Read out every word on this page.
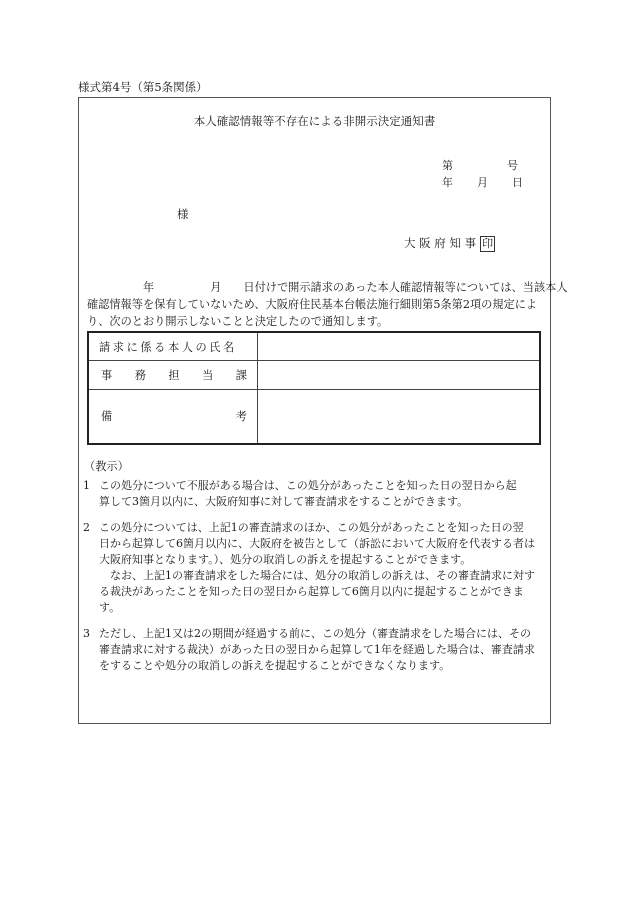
様式第4号（第5条関係）
本人確認情報等不存在による非開示決定通知書
第	号
年 月 日
様
大 阪 府 知 事 印
年	月 日付けで開示請求のあった本人確認情報等については、当該本人
確認情報等を保有していないため、大阪府住民基本台帳法施行細則第5条第2項の規定によ
り、次のとおり開示しないことと決定したので通知します。
請求に係る本人の氏名	

事 務 担 当 課	

備 考	

（教示）
1 この処分について不服がある場合は、この処分があったことを知った日の翌日から起
算して3箇月以内に、大阪府知事に対して審査請求をすることができます。
2 この処分については、上記1の審査請求のほか、この処分があったことを知った日の翌
日から起算して6箇月以内に、大阪府を被告として（訴訟において大阪府を代表する者は
大阪府知事となります。）、処分の取消しの訴えを提起することができます。
　なお、上記1の審査請求をした場合には、処分の取消しの訴えは、その審査請求に対す
る裁決があったことを知った日の翌日から起算して6箇月以内に提起することができま
す。
3 ただし、上記1又は2の期間が経過する前に、この処分（審査請求をした場合には、その
審査請求に対する裁決）があった日の翌日から起算して1年を経過した場合は、審査請求
をすることや処分の取消しの訴えを提起することができなくなります。
